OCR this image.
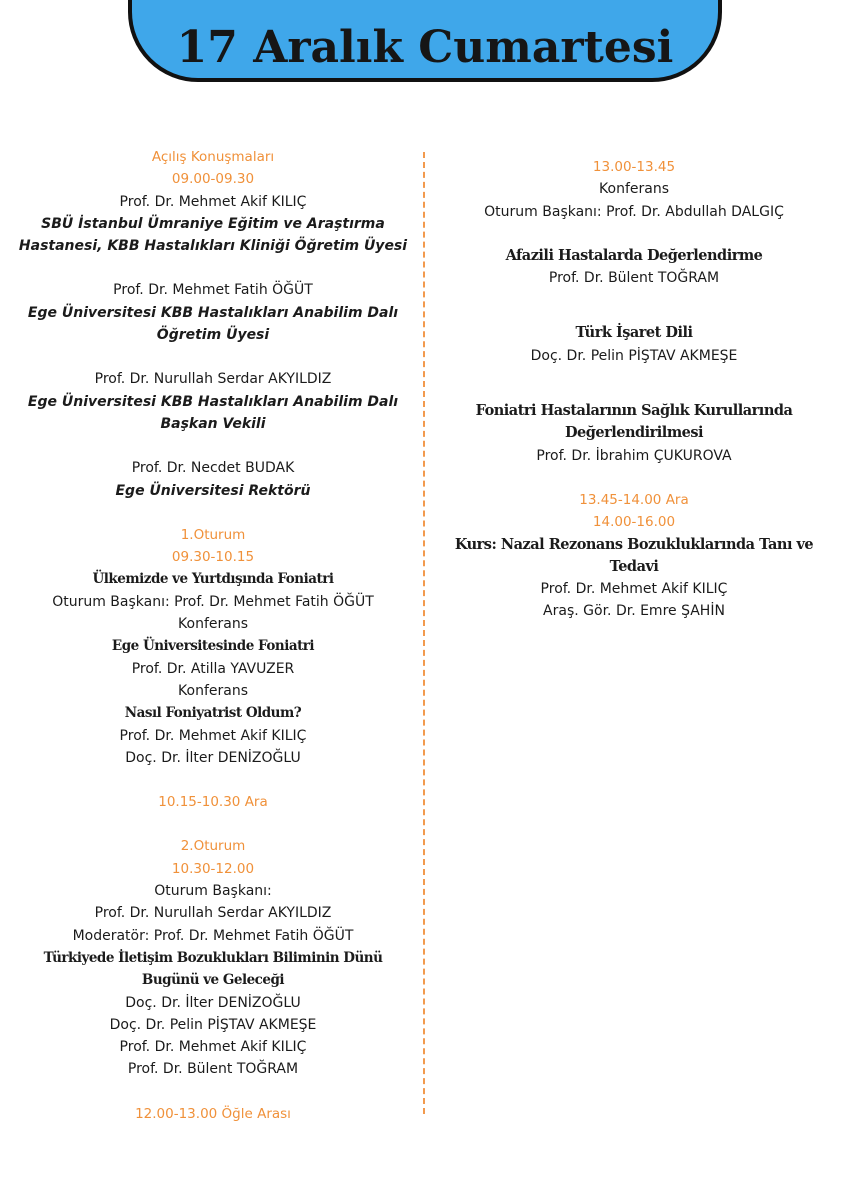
17 Aralık Cumartesi
Açılış Konuşmaları
09.00-09.30
Prof. Dr. Mehmet Akif KILIÇ
SBÜ İstanbul Ümraniye Eğitim ve Araştırma
Hastanesi, KBB Hastalıkları Kliniği Öğretim Üyesi
Prof. Dr. Mehmet Fatih ÖĞÜT
Ege Üniversitesi KBB Hastalıkları Anabilim Dalı
Öğretim Üyesi
Prof. Dr. Nurullah Serdar AKYILDIZ
Ege Üniversitesi KBB Hastalıkları Anabilim Dalı
Başkan Vekili
Prof. Dr. Necdet BUDAK
Ege Üniversitesi Rektörü
1.Oturum
09.30-10.15
Ülkemizde ve Yurtdışında Foniatri
Oturum Başkanı: Prof. Dr. Mehmet Fatih ÖĞÜT
Konferans
Ege Üniversitesinde Foniatri
Prof. Dr. Atilla YAVUZER
Konferans
Nasıl Foniyatrist Oldum?
Prof. Dr. Mehmet Akif KILIÇ
Doç. Dr. İlter DENİZOĞLU
10.15-10.30 Ara
2.Oturum
10.30-12.00
Oturum Başkanı:
Prof. Dr. Nurullah Serdar AKYILDIZ
Moderatör: Prof. Dr. Mehmet Fatih ÖĞÜT
Türkiyede İletişim Bozuklukları Biliminin Dünü
Bugünü ve Geleceği
Doç. Dr. İlter DENİZOĞLU
Doç. Dr. Pelin PİŞTAV AKMEŞE
Prof. Dr. Mehmet Akif KILIÇ
Prof. Dr. Bülent TOĞRAM
12.00-13.00 Öğle Arası
13.00-13.45
Konferans
Oturum Başkanı: Prof. Dr. Abdullah DALGIÇ
Afazili Hastalarda Değerlendirme
Prof. Dr. Bülent TOĞRAM
Türk İşaret Dili
Doç. Dr. Pelin PİŞTAV AKMEŞE
Foniatri Hastalarının Sağlık Kurullarında
Değerlendirilmesi
Prof. Dr. İbrahim ÇUKUROVA
13.45-14.00 Ara
14.00-16.00
Kurs: Nazal Rezonans Bozukluklarında Tanı ve
Tedavi
Prof. Dr. Mehmet Akif KILIÇ
Araş. Gör. Dr. Emre ŞAHİN
